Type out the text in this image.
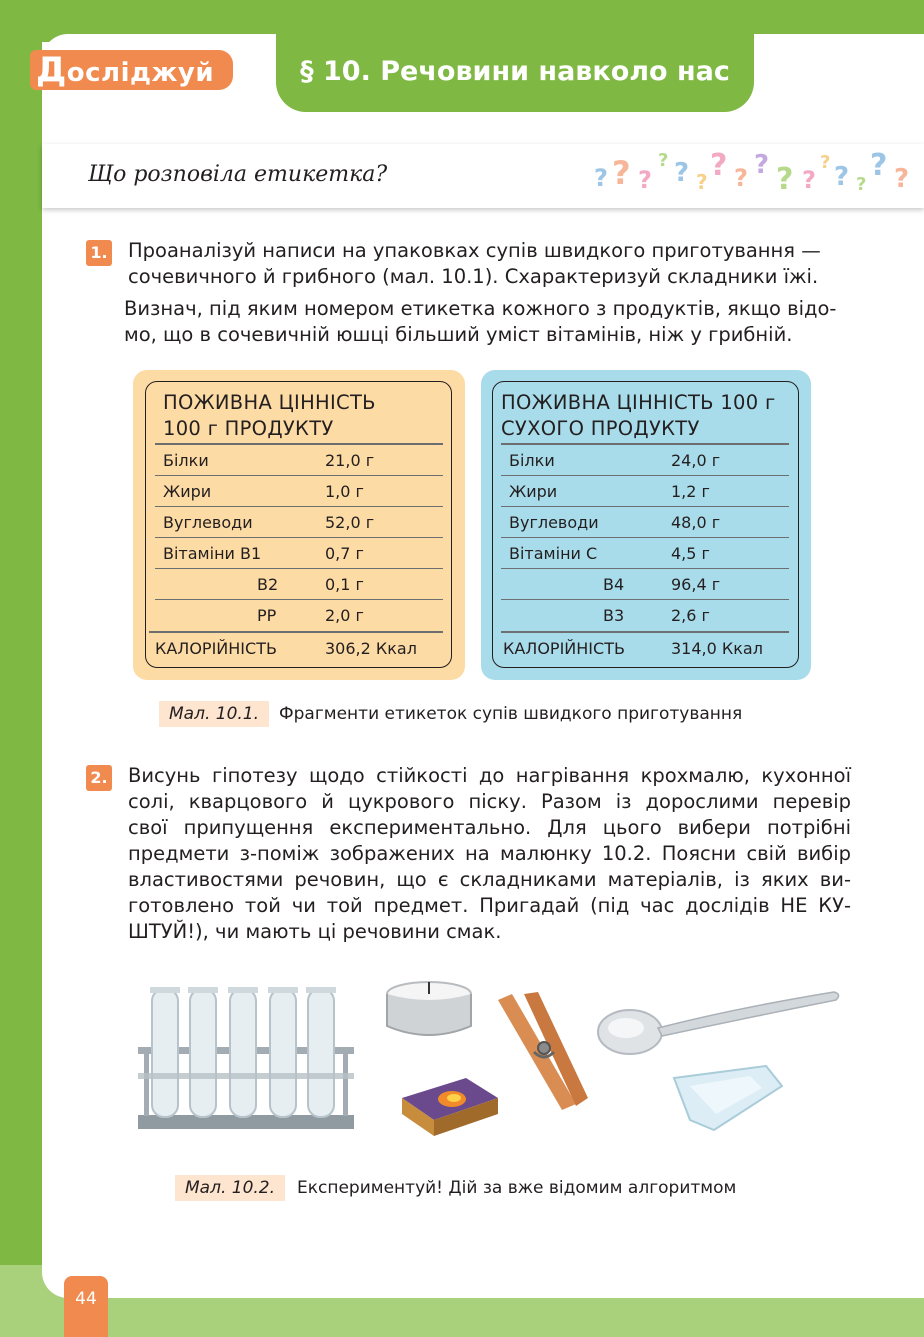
§ 10. Речовини навколо нас
Досліджуй
Що розповіла етикетка?	? ? ?
? ? ? ? ? ? ? ?
? ? ?
? ?
1. Проаналізуй написи на упаковках супів швидкого приготування —
сочевичного й грибного (мал. 10.1). Схарактеризуй складники їжі.
Визнач, під яким номером етикетка кожного з продуктів, якщо відо-
мо, що в сочевичній юшці більший уміст вітамінів, ніж у грибній.
ПОЖИВНА ЦІННІСТЬ
100 г ПРОДУКТУ
Білки	21,0 г
Жири	1,0 г
Вуглеводи	52,0 г
Вітаміни В1	0,7 г
В2	0,1 г
РР	2,0 г
КАЛОРІЙНІСТЬ	306,2 Ккал
ПОЖИВНА ЦІННІСТЬ 100 г
СУХОГО ПРОДУКТУ
Білки	24,0 г
Жири	1,2 г
Вуглеводи	48,0 г
Вітаміни С	4,5 г
В4	96,4 г
В3	2,6 г
КАЛОРІЙНІСТЬ	314,0 Ккал
Мал. 10.1.	Фрагменти етикеток супів швидкого приготування
2. Висунь гіпотезу щодо стійкості до нагрівання крохмалю, кухонної
солі, кварцового й цукрового піску. Разом із дорослими перевір
свої припущення експериментально. Для цього вибери потрібні
предмети з-поміж зображених на малюнку 10.2. Поясни свій вибір
властивостями речовин, що є складниками матеріалів, із яких ви-
готовлено той чи той предмет. Пригадай (під час дослідів НЕ КУ-
ШТУЙ!), чи мають ці речовини смак.
Мал. 10.2.	Експериментуй! Дій за вже відомим алгоритмом
44
